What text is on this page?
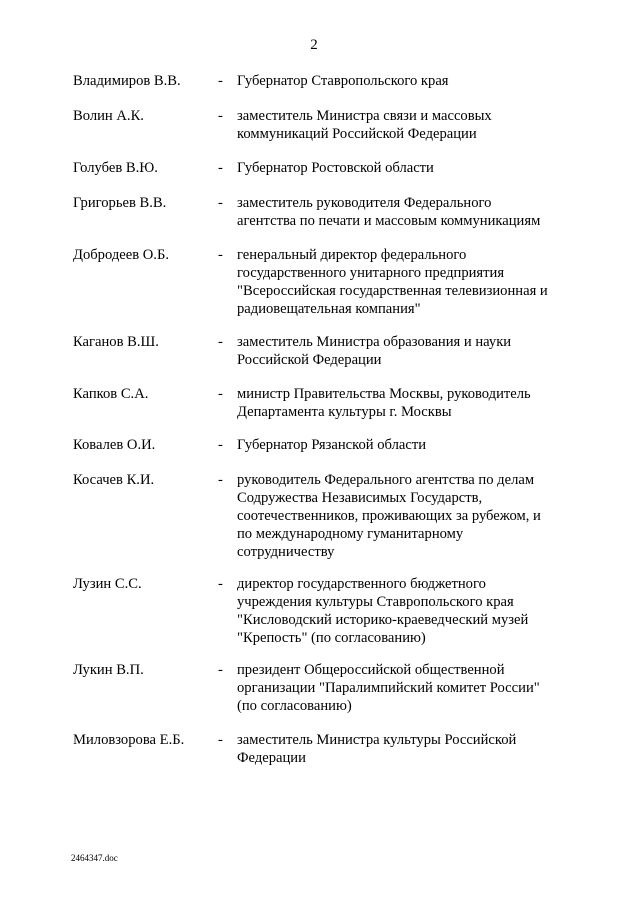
2
Владимиров В.В.	- Губернатор Ставропольского края
Волин А.К.	- заместитель Министра связи и массовых
коммуникаций Российской Федерации
Голубев В.Ю.	- Губернатор Ростовской области
Григорьев В.В.	- заместитель руководителя Федерального
агентства по печати и массовым коммуникациям
Добродеев О.Б.	- генеральный директор федерального
государственного унитарного предприятия
"Всероссийская государственная телевизионная и
радиовещательная компания"
Каганов В.Ш.	- заместитель Министра образования и науки
Российской Федерации
Капков С.А.	- министр Правительства Москвы, руководитель
Департамента культуры г. Москвы
Ковалев О.И.	- Губернатор Рязанской области
Косачев К.И.	- руководитель Федерального агентства по делам
Содружества Независимых Государств,
соотечественников, проживающих за рубежом, и
по международному гуманитарному
сотрудничеству
Лузин С.С.	- директор государственного бюджетного
учреждения культуры Ставропольского края
"Кисловодский историко-краеведческий музей
"Крепость" (по согласованию)
Лукин В.П.	- президент Общероссийской общественной
организации "Паралимпийский комитет России"
(по согласованию)
Миловзорова Е.Б.	- заместитель Министра культуры Российской
Федерации
2464347.doc
